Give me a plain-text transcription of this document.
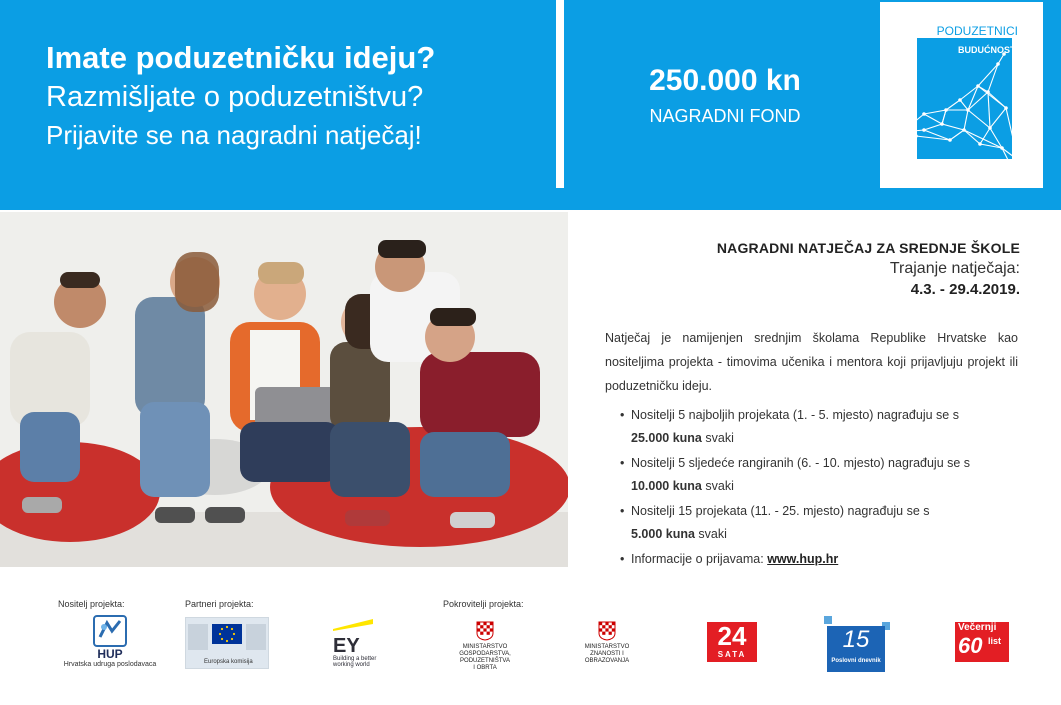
Imate poduzetničku ideju?
Razmišljate o poduzetništvu?
Prijavite se na nagradni natječaj!
250.000 kn
NAGRADNI FOND
PODUZETNICI
BUDUĆNOSTI
NAGRADNI NATJEČAJ ZA SREDNJE ŠKOLE
Trajanje natječaja:
4.3. - 29.4.2019.
Natječaj je namijenjen srednjim školama Republike Hrvatske kao nositeljima projekta - timovima učenika i mentora koji prijavljuju projekt ili poduzetničku ideju.
• Nositelji 5 najboljih projekata (1. - 5. mjesto) nagrađuju se s
25.000 kuna svaki
• Nositelji 5 sljedeće rangiranih (6. - 10. mjesto) nagrađuju se s
10.000 kuna svaki
• Nositelji 15 projekata (11. - 25. mjesto) nagrađuju se s
5.000 kuna svaki
• Informacije o prijavama: www.hup.hr
Nositelj projekta:	Partneri projekta:	Pokrovitelji projekta:
HUP
Hrvatska udruga poslodavaca	Europska komisija
EY
Building a better
working world
MINISTARSTVO
GOSPODARSTVA,
PODUZETNIŠTVA
I OBRTA
MINISTARSTVO
ZNANOSTI I
OBRAZOVANJA
24
SATA
15
Poslovni dnevnik
Večernji
60 list
